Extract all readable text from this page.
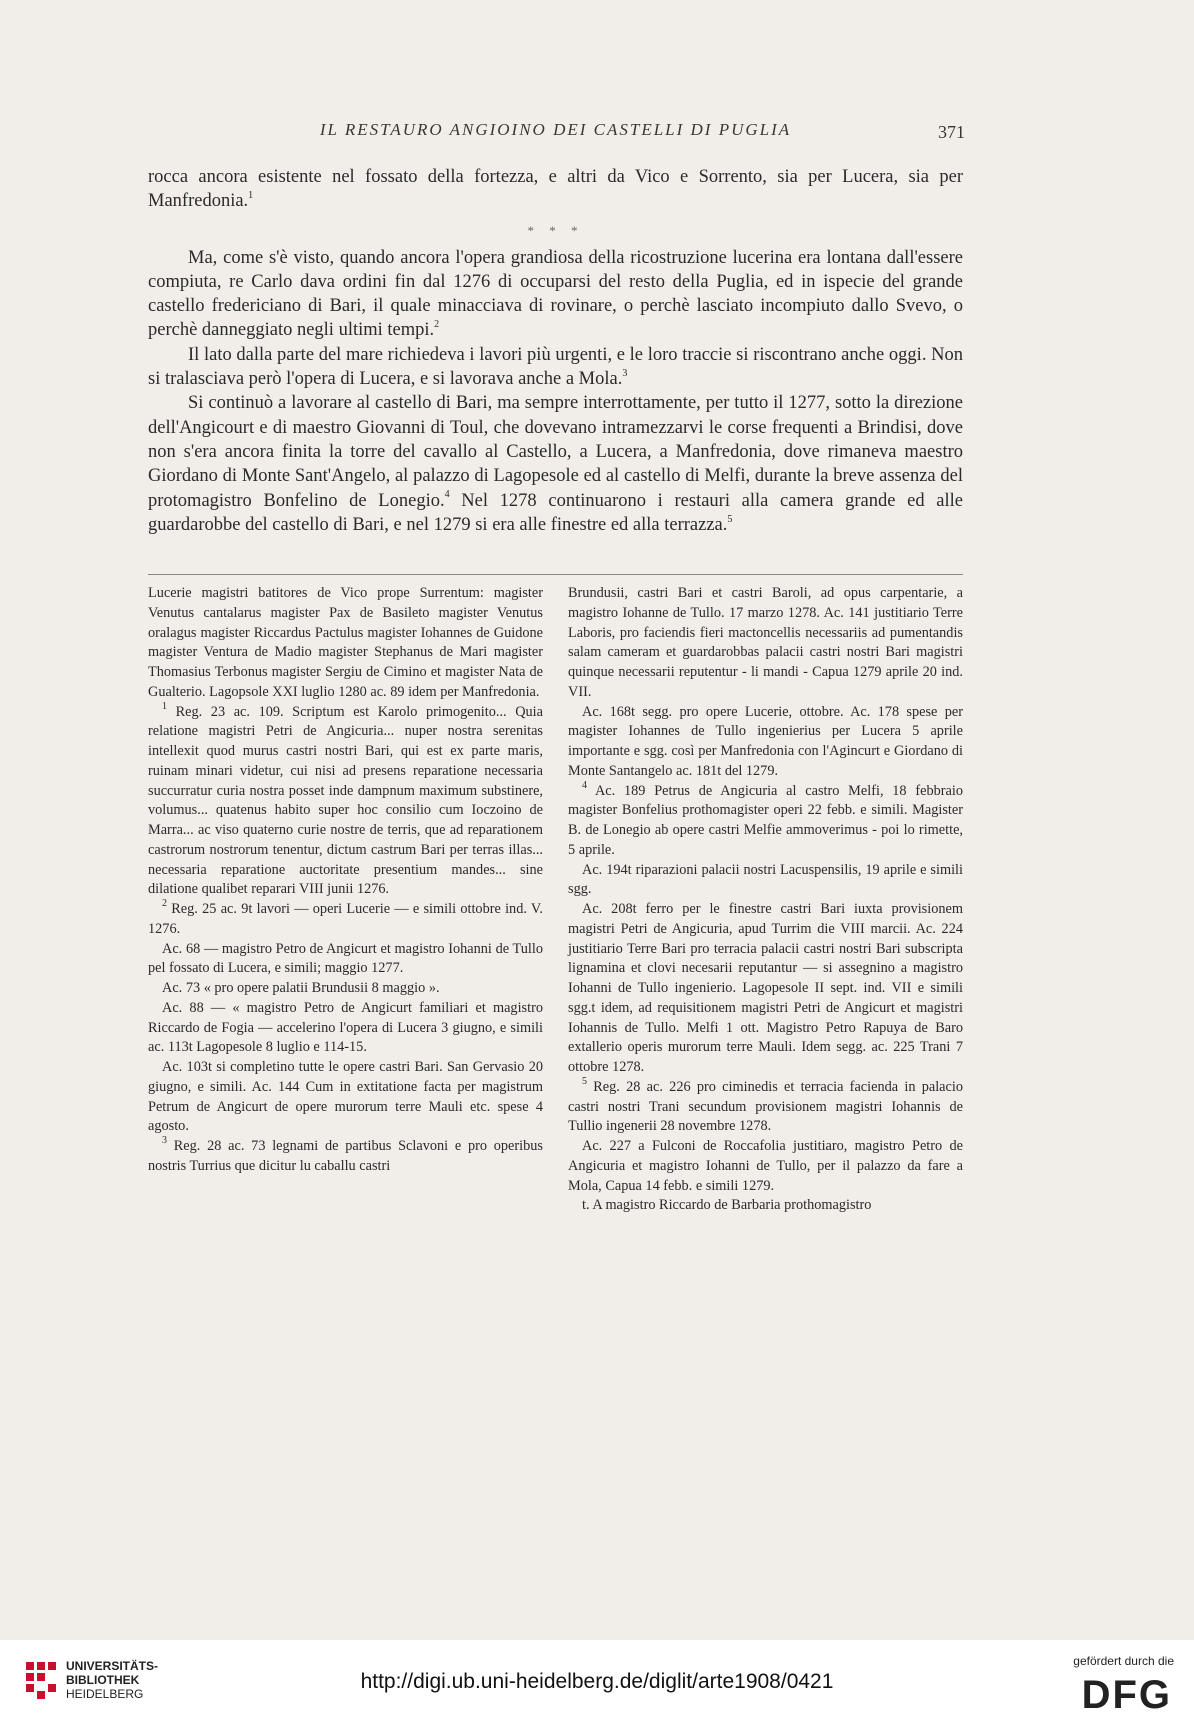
IL RESTAURO ANGIOINO DEI CASTELLI DI PUGLIA	371

rocca ancora esistente nel fossato della fortezza, e altri da Vico e Sorrento, sia per Lucera, sia per Manfredonia.$^1$

* * *

Ma, come s'è visto, quando ancora l'opera grandiosa della ricostruzione lucerina era lontana dall'essere compiuta, re Carlo dava ordini fin dal 1276 di occuparsi del resto della Puglia, ed in ispecie del grande castello fredericiano di Bari, il quale minacciava di rovinare, o perchè lasciato incompiuto dallo Svevo, o perchè danneggiato negli ultimi tempi.$^2$

Il lato dalla parte del mare richiedeva i lavori più urgenti, e le loro traccie si riscontrano anche oggi. Non si tralasciava però l'opera di Lucera, e si lavorava anche a Mola.$^3$

Si continuò a lavorare al castello di Bari, ma sempre interrottamente, per tutto il 1277, sotto la direzione dell'Angicourt e di maestro Giovanni di Toul, che dovevano intramezzarvi le corse frequenti a Brindisi, dove non s'era ancora finita la torre del cavallo al Castello, a Lucera, a Manfredonia, dove rimaneva maestro Giordano di Monte Sant'Angelo, al palazzo di Lagopesole ed al castello di Melfi, durante la breve assenza del protomagistro Bonfelino de Lonegio.$^4$ Nel 1278 continuarono i restauri alla camera grande ed alle guardarobbe del castello di Bari, e nel 1279 si era alle finestre ed alla terrazza.$^5$

Lucerie magistri batitores de Vico prope Surrentum: magister Venutus cantalarus magister Pax de Basileto magister Venutus oralagus magister Riccardus Pactulus magister Iohannes de Guidone magister Ventura de Madio magister Stephanus de Mari magister Thomasius Terbonus magister Sergiu de Cimino et magister Nata de Gualterio. Lagopsole XXI luglio 1280 ac. 89 idem per Manfredonia.

$^1$ Reg. 23 ac. 109. Scriptum est Karolo primogenito... Quia relatione magistri Petri de Angicuria... nuper nostra serenitas intellexit quod murus castri nostri Bari, qui est ex parte maris, ruinam minari videtur, cui nisi ad presens reparatione necessaria succurratur curia nostra posset inde dampnum maximum substinere, volumus... quatenus habito super hoc consilio cum Ioczoino de Marra... ac viso quaterno curie nostre de terris, que ad reparationem castrorum nostrorum tenentur, dictum castrum Bari per terras illas... necessaria reparatione auctoritate presentium mandes... sine dilatione qualibet reparari VIII junii 1276.

$^2$ Reg. 25 ac. 9t lavori — operi Lucerie — e simili ottobre ind. V. 1276.

Ac. 68 — magistro Petro de Angicurt et magistro Iohanni de Tullo pel fossato di Lucera, e simili; maggio 1277.

Ac. 73 « pro opere palatii Brundusii 8 maggio ».

Ac. 88 — « magistro Petro de Angicurt familiari et magistro Riccardo de Fogia — accelerino l'opera di Lucera 3 giugno, e simili ac. 113t Lagopesole 8 luglio e 114-15.

Ac. 103t si completino tutte le opere castri Bari. San Gervasio 20 giugno, e simili. Ac. 144 Cum in extitatione facta per magistrum Petrum de Angicurt de opere murorum terre Mauli etc. spese 4 agosto.

$^3$ Reg. 28 ac. 73 legnami de partibus Sclavoni e pro operibus nostris Turrius que dicitur lu caballu castri

Brundusii, castri Bari et castri Baroli, ad opus carpentarie, a magistro Iohanne de Tullo. 17 marzo 1278. Ac. 141 justitiario Terre Laboris, pro faciendis fieri mactoncellis necessariis ad pumentandis salam cameram et guardarobbas palacii castri nostri Bari magistri quinque necessarii reputentur - li mandi - Capua 1279 aprile 20 ind. VII.

Ac. 168t segg. pro opere Lucerie, ottobre. Ac. 178 spese per magister Iohannes de Tullo ingenierius per Lucera 5 aprile importante e sgg. così per Manfredonia con l'Agincurt e Giordano di Monte Santangelo ac. 181t del 1279.

$^4$ Ac. 189 Petrus de Angicuria al castro Melfi, 18 febbraio magister Bonfelius prothomagister operi 22 febb. e simili. Magister B. de Lonegio ab opere castri Melfie ammoverimus - poi lo rimette, 5 aprile.

Ac. 194t riparazioni palacii nostri Lacuspensilis, 19 aprile e simili sgg.

Ac. 208t ferro per le finestre castri Bari iuxta provisionem magistri Petri de Angicuria, apud Turrim die VIII marcii. Ac. 224 justitiario Terre Bari pro terracia palacii castri nostri Bari subscripta lignamina et clovi necesarii reputantur — si assegnino a magistro Iohanni de Tullo ingenierio. Lagopesole II sept. ind. VII e simili sgg.t idem, ad requisitionem magistri Petri de Angicurt et magistri Iohannis de Tullo. Melfi 1 ott. Magistro Petro Rapuya de Baro extallerio operis murorum terre Mauli. Idem segg. ac. 225 Trani 7 ottobre 1278.

$^5$ Reg. 28 ac. 226 pro ciminedis et terracia facienda in palacio castri nostri Trani secundum provisionem magistri Iohannis de Tullio ingenerii 28 novembre 1278.

Ac. 227 a Fulconi de Roccafolia justitiaro, magistro Petro de Angicuria et magistro Iohanni de Tullo, per il palazzo da fare a Mola, Capua 14 febb. e simili 1279.

t. A magistro Riccardo de Barbaria prothomagistro

UNIVERSITÄTS-
BIBLIOTHEK
HEIDELBERG
http://digi.ub.uni-heidelberg.de/diglit/arte1908/0421
gefördert durch die
DFG
